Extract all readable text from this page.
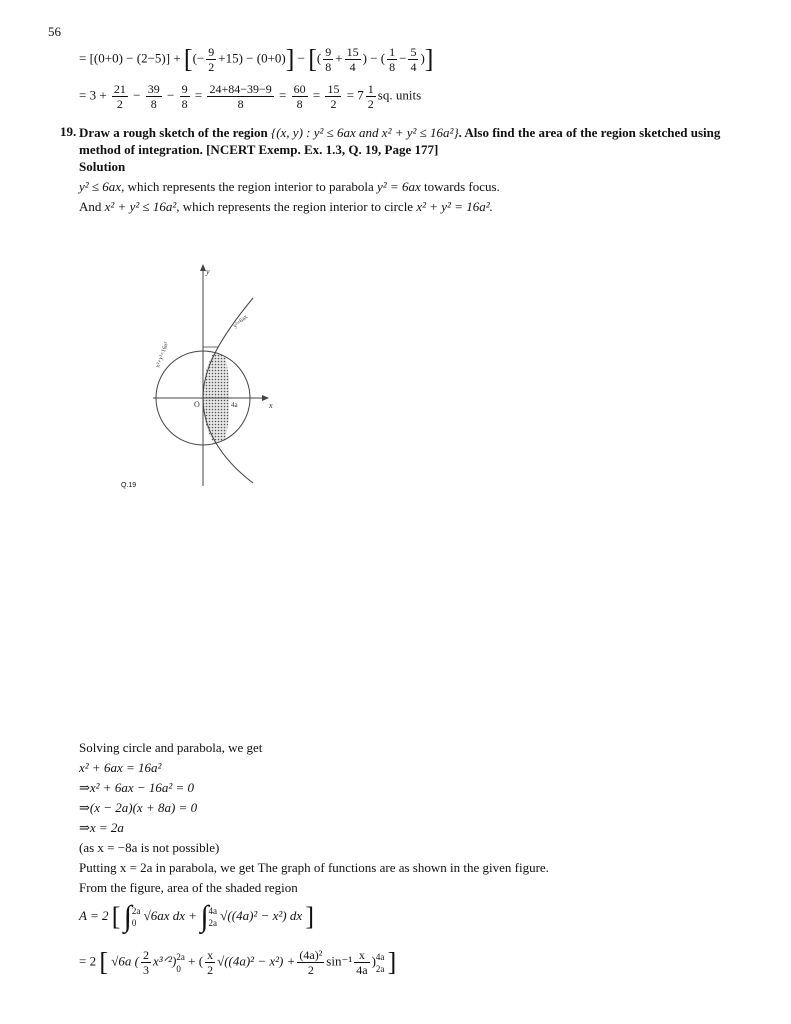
56
= [(0+0) − (2−5)] + [(− $\frac{9}{2} +15) - (0+0)$] − [( $\frac{9}{8} + \frac{15}{4}$ ) − ( $\frac{1}{8} - \frac{5}{4}$ )]
= $3 + \frac{21}{2} - \frac{39}{8} - \frac{9}{8} = \frac{24+84-39-9}{8} = \frac{60}{8} = \frac{15}{2} = 7 \frac{1}{2}$ sq. units
19. Draw a rough sketch of the region {(x, y) : y² ≤ 6ax and x² + y² ≤ 16a²}. Also find the area of the region sketched using method of integration. [NCERT Exemp. Ex. 1.3, Q. 19, Page 177]
Solution
y² ≤ 6ax, which represents the region interior to parabola y² = 6ax towards focus.
And x² + y² ≤ 16a², which represents the region interior to circle x² + y² = 16a².
y
x
O	4a
x²+y²=16a²
y²=6ax
Q.19
Solving circle and parabola, we get
x² + 6ax = 16a²
⇒x² + 6ax − 16a² = 0
⇒(x − 2a)(x + 8a) = 0
⇒x = 2a
(as x = −8a is not possible)
Putting x = 2a in parabola, we get The graph of functions are as shown in the given figure.
From the figure, area of the shaded region
A = 2 [ ∫ 2a
0
√6ax dx + ∫ 4a
2a
√((4a)² − x²) dx ]
= 2 [ √6a ( $\frac{2}{3}$ x³ᐟ²) 2a
0
+ ( $\frac{x}{2} √((4a)^2 - x^2) + \frac{\text{(4a)²}}{2} \sin^{-1} \frac{x}{4a}$ ) 4a
2a ]
